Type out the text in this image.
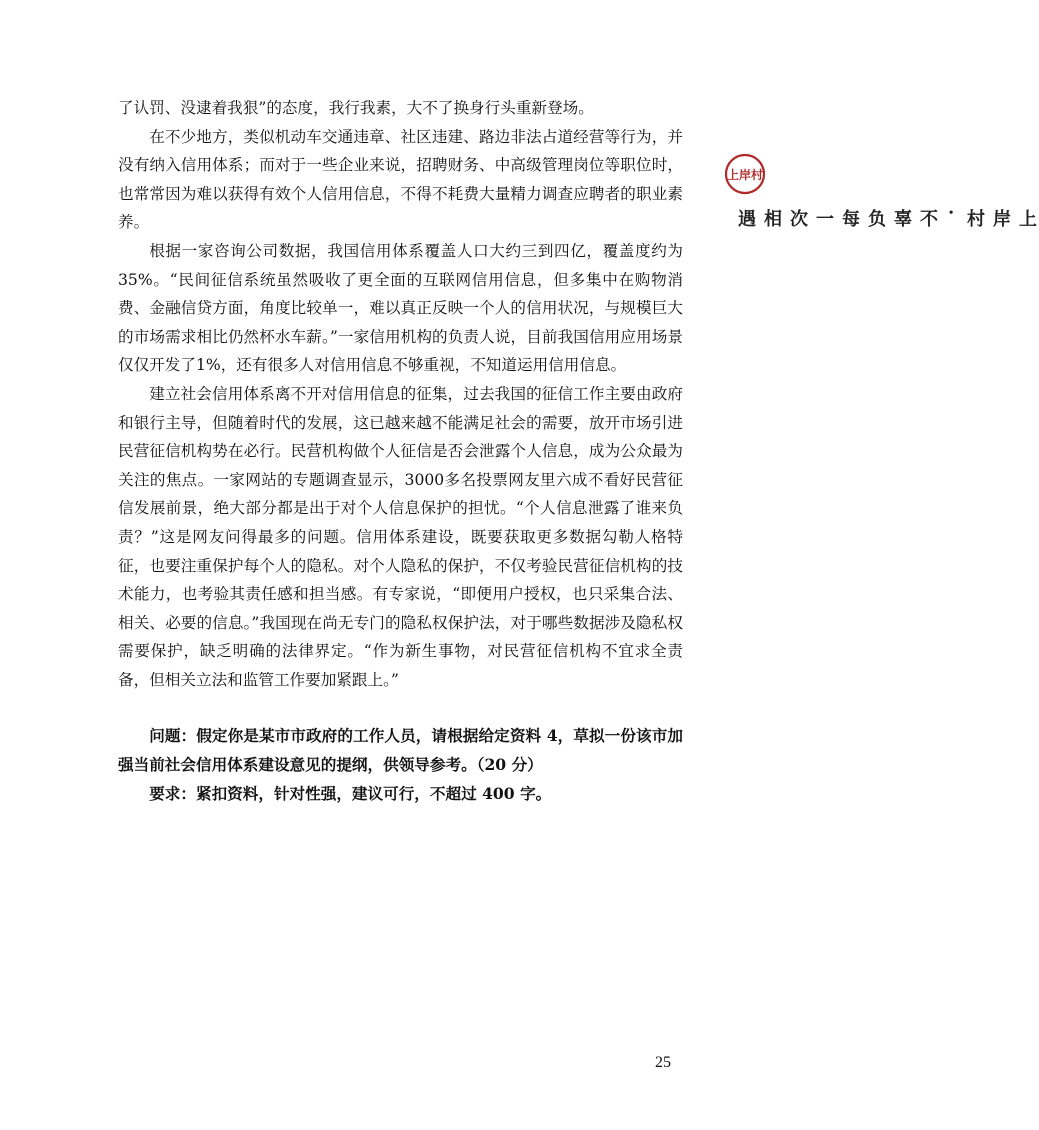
了认罚、没逮着我狠”的态度，我行我素，大不了换身行头重新登场。

在不少地方，类似机动车交通违章、社区违建、路边非法占道经营等行为，并没有纳入信用体系；而对于一些企业来说，招聘财务、中高级管理岗位等职位时，也常常因为难以获得有效个人信用信息，不得不耗费大量精力调查应聘者的职业素养。

根据一家咨询公司数据，我国信用体系覆盖人口大约三到四亿，覆盖度约为35%。“民间征信系统虽然吸收了更全面的互联网信用信息，但多集中在购物消费、金融信贷方面，角度比较单一，难以真正反映一个人的信用状况，与规模巨大的市场需求相比仍然杯水车薪。”一家信用机构的负责人说，目前我国信用应用场景仅仅开发了1%，还有很多人对信用信息不够重视，不知道运用信用信息。

建立社会信用体系离不开对信用信息的征集，过去我国的征信工作主要由政府和银行主导，但随着时代的发展，这已越来越不能满足社会的需要，放开市场引进民营征信机构势在必行。民营机构做个人征信是否会泄露个人信息，成为公众最为关注的焦点。一家网站的专题调查显示，3000多名投票网友里六成不看好民营征信发展前景，绝大部分都是出于对个人信息保护的担忧。“个人信息泄露了谁来负责？”这是网友问得最多的问题。信用体系建设，既要获取更多数据勾勒人格特征，也要注重保护每个人的隐私。对个人隐私的保护，不仅考验民营征信机构的技术能力，也考验其责任感和担当感。有专家说，“即便用户授权，也只采集合法、相关、必要的信息。”我国现在尚无专门的隐私权保护法，对于哪些数据涉及隐私权需要保护，缺乏明确的法律界定。“作为新生事物，对民营征信机构不宜求全责备，但相关立法和监管工作要加紧跟上。”

问题：假定你是某市市政府的工作人员，请根据给定资料 4，草拟一份该市加强当前社会信用体系建设意见的提纲，供领导参考。（20 分）

要求：紧扣资料，针对性强，建议可行，不超过 400 字。

上岸村
上岸村·不辜负每一次相遇
25
